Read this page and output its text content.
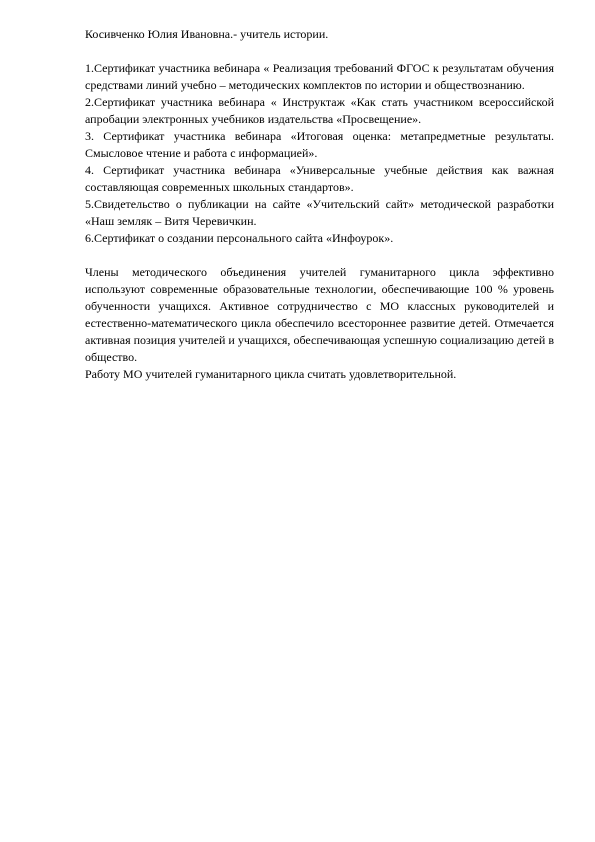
Косивченко Юлия Ивановна.- учитель истории.

1.Сертификат участника вебинара « Реализация требований ФГОС к результатам обучения средствами линий учебно – методических комплектов по истории и обществознанию.

2.Сертификат участника вебинара « Инструктаж «Как стать участником всероссийской апробации электронных учебников издательства «Просвещение».

3. Сертификат участника вебинара «Итоговая оценка: метапредметные результаты. Смысловое чтение и работа с информацией».

4. Сертификат участника вебинара «Универсальные учебные действия как важная составляющая современных школьных стандартов».

5.Свидетельство о публикации на сайте «Учительский сайт» методической разработки «Наш земляк – Витя Черевичкин.

6.Сертификат о создании персонального сайта «Инфоурок».

Члены методического объединения учителей гуманитарного цикла эффективно используют современные образовательные технологии, обеспечивающие 100 % уровень обученности учащихся. Активное сотрудничество с МО классных руководителей и естественно-математического цикла обеспечило всестороннее развитие детей. Отмечается активная позиция учителей и учащихся, обеспечивающая успешную социализацию детей в общество.

Работу МО учителей гуманитарного цикла считать удовлетворительной.
